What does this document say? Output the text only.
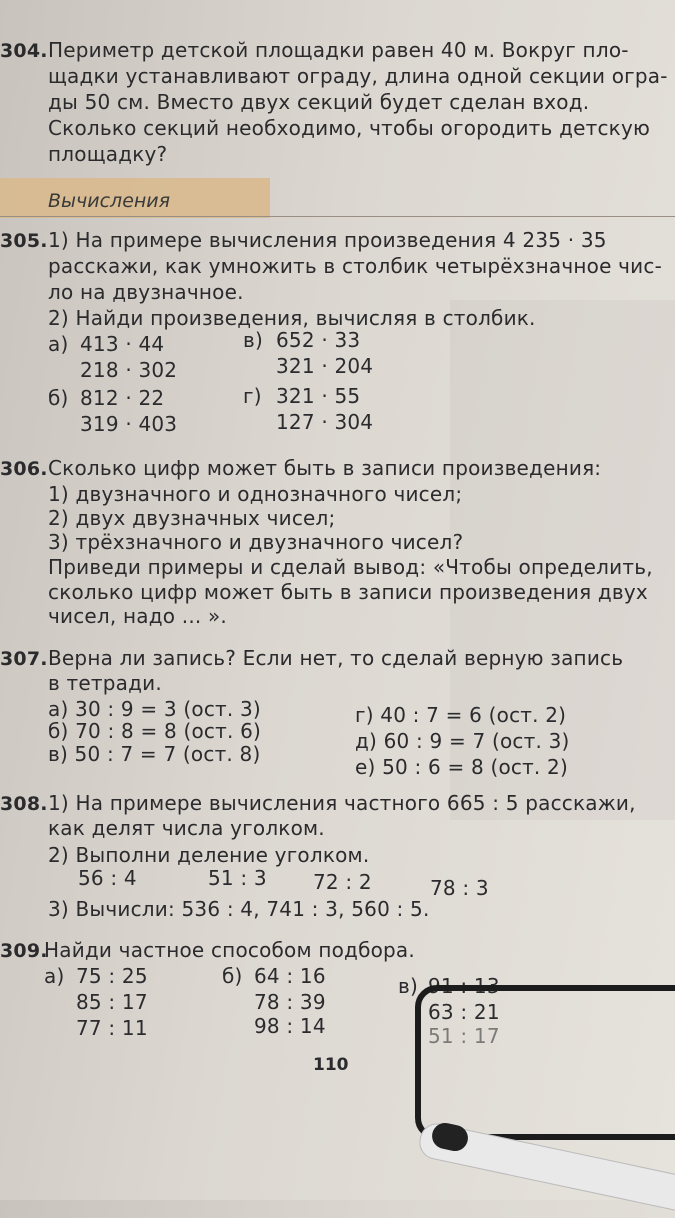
304. Периметр детской площадки равен 40 м. Вокруг пло-
щадки устанавливают ограду, длина одной секции огра-
ды 50 см. Вместо двух секций будет сделан вход.
Сколько секций необходимо, чтобы огородить детскую
площадку?
Вычисления
305. 1) На примере вычисления произведения 4 235 · 35
расскажи, как умножить в столбик четырёхзначное чис-
ло на двузначное.
2) Найди произведения, вычисляя в столбик.
а) 413 · 44
218 · 302
в) 652 · 33
321 · 204
б) 812 · 22
319 · 403
г) 321 · 55
127 · 304
306. Сколько цифр может быть в записи произведения:
1) двузначного и однозначного чисел;
2) двух двузначных чисел;
3) трёхзначного и двузначного чисел?
Приведи примеры и сделай вывод: «Чтобы определить,
сколько цифр может быть в записи произведения двух
чисел, надо ... ».
307. Верна ли запись? Если нет, то сделай верную запись
в тетради.
а) 30 : 9 = 3 (ост. 3)
б) 70 : 8 = 8 (ост. 6)
в) 50 : 7 = 7 (ост. 8)
г) 40 : 7 = 6 (ост. 2)
д) 60 : 9 = 7 (ост. 3)
е) 50 : 6 = 8 (ост. 2)
308. 1) На примере вычисления частного 665 : 5 расскажи,
как делят числа уголком.
2) Выполни деление уголком.
56 : 4	51 : 3 72 : 2	78 : 3
3) Вычисли: 536 : 4, 741 : 3, 560 : 5.
309.
Найди частное способом подбора.
а) 75 : 25
85 : 17
77 : 11
б) 64 : 16
78 : 39
98 : 14
в) 91 : 13
63 : 21
51 : 17
110
